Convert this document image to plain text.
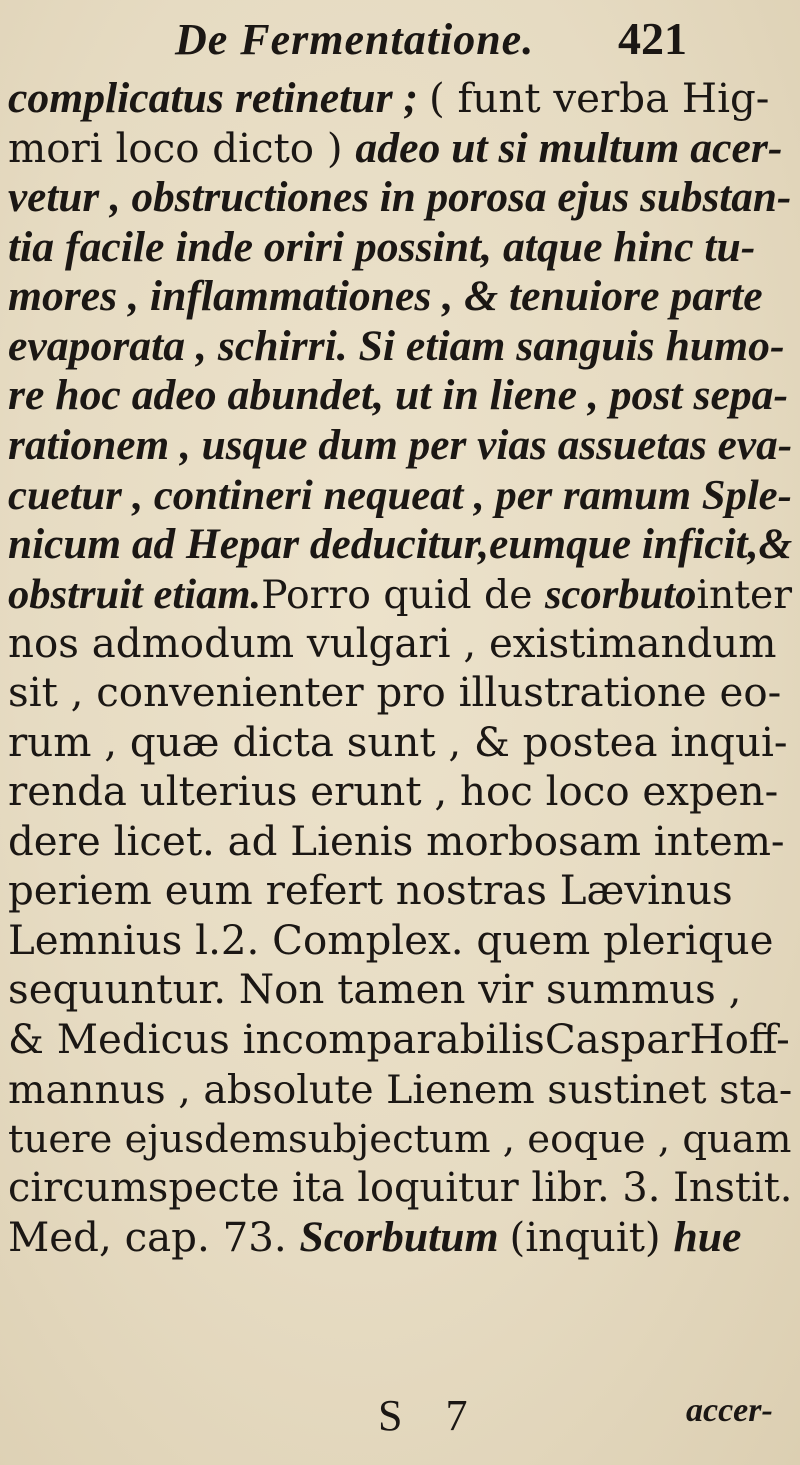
De Fermentatione. 421
complicatus retinetur ; ( funt verba Hig-
mori loco dicto ) adeo ut si multum acer-
vetur , obstructiones in porosa ejus substan-
tia facile inde oriri possint, atque hinc tu-
mores , inflammationes , & tenuiore parte
evaporata , schirri. Si etiam sanguis humo-
re hoc adeo abundet, ut in liene , post sepa-
rationem , usque dum per vias assuetas eva-
cuetur , contineri nequeat , per ramum Sple-
nicum ad Hepar deducitur,eumque inficit,&
obstruit etiam.Porro quid de scorbutointer
nos admodum vulgari , existimandum
sit , convenienter pro illustratione eo-
rum , quæ dicta sunt , & postea inqui-
renda ulterius erunt , hoc loco expen-
dere licet. ad Lienis morbosam intem-
periem eum refert nostras Lævinus
Lemnius l.2. Complex. quem plerique
sequuntur. Non tamen vir summus ,
& Medicus incomparabilisCasparHoff-
mannus , absolute Lienem sustinet sta-
tuere ejusdemsubjectum , eoque , quam
circumspecte ita loquitur libr. 3. Instit.
Med, cap. 73. Scorbutum (inquit) hue
S 7	accer-
